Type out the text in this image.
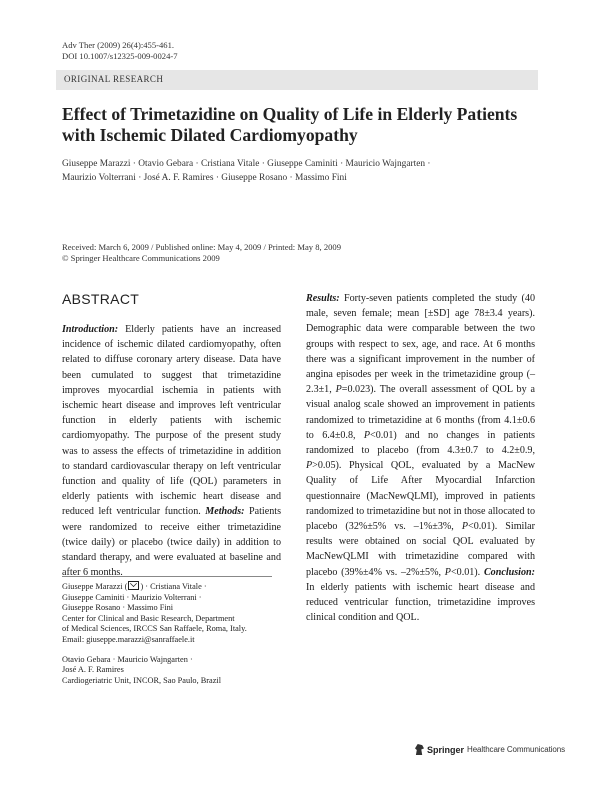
Adv Ther (2009) 26(4):455-461.
DOI 10.1007/s12325-009-0024-7
ORIGINAL RESEARCH
Effect of Trimetazidine on Quality of Life in Elderly Patients with Ischemic Dilated Cardiomyopathy
Giuseppe Marazzi · Otavio Gebara · Cristiana Vitale · Giuseppe Caminiti · Mauricio Wajngarten ·
Maurizio Volterrani · José A. F. Ramires · Giuseppe Rosano · Massimo Fini
Received: March 6, 2009 / Published online: May 4, 2009 / Printed: May 8, 2009
© Springer Healthcare Communications 2009
ABSTRACT
Introduction: Elderly patients have an increased incidence of ischemic dilated cardiomyopathy, often related to diffuse coronary artery disease. Data have been cumulated to suggest that trimetazidine improves myocardial ischemia in patients with ischemic heart disease and improves left ventricular function in elderly patients with ischemic cardiomyopathy. The purpose of the present study was to assess the effects of trimetazidine in addition to standard cardiovascular therapy on left ventricular function and quality of life (QOL) parameters in elderly patients with ischemic heart disease and reduced left ventricular function. Methods: Patients were randomized to receive either trimetazidine (twice daily) or placebo (twice daily) in addition to standard therapy, and were evaluated at baseline and after 6 months.
Results: Forty-seven patients completed the study (40 male, seven female; mean [±SD] age 78±3.4 years). Demographic data were comparable between the two groups with respect to sex, age, and race. At 6 months there was a significant improvement in the number of angina episodes per week in the trimetazidine group (–2.3±1, P=0.023). The overall assessment of QOL by a visual analog scale showed an improvement in patients randomized to trimetazidine at 6 months (from 4.1±0.6 to 6.4±0.8, P<0.01) and no changes in patients randomized to placebo (from 4.3±0.7 to 4.2±0.9, P>0.05). Physical QOL, evaluated by a MacNew Quality of Life After Myocardial Infarction questionnaire (MacNewQLMI), improved in patients randomized to trimetazidine but not in those allocated to placebo (32%±5% vs. –1%±3%, P<0.01). Similar results were obtained on social QOL evaluated by MacNewQLMI with trimetazidine compared with placebo (39%±4% vs. –2%±5%, P<0.01). Conclusion: In elderly patients with ischemic heart disease and reduced ventricular function, trimetazidine improves clinical condition and QOL.

Giuseppe Marazzi ( ) · Cristiana Vitale ·

Giuseppe Caminiti · Maurizio Volterrani ·

Giuseppe Rosano · Massimo Fini

Center for Clinical and Basic Research, Department

of Medical Sciences, IRCCS San Raffaele, Roma, Italy.

Email: giuseppe.marazzi@sanraffaele.it

Otavio Gebara · Mauricio Wajngarten ·

José A. F. Ramires

Cardiogeriatric Unit, INCOR, Sao Paulo, Brazil

Springer Healthcare Communications
